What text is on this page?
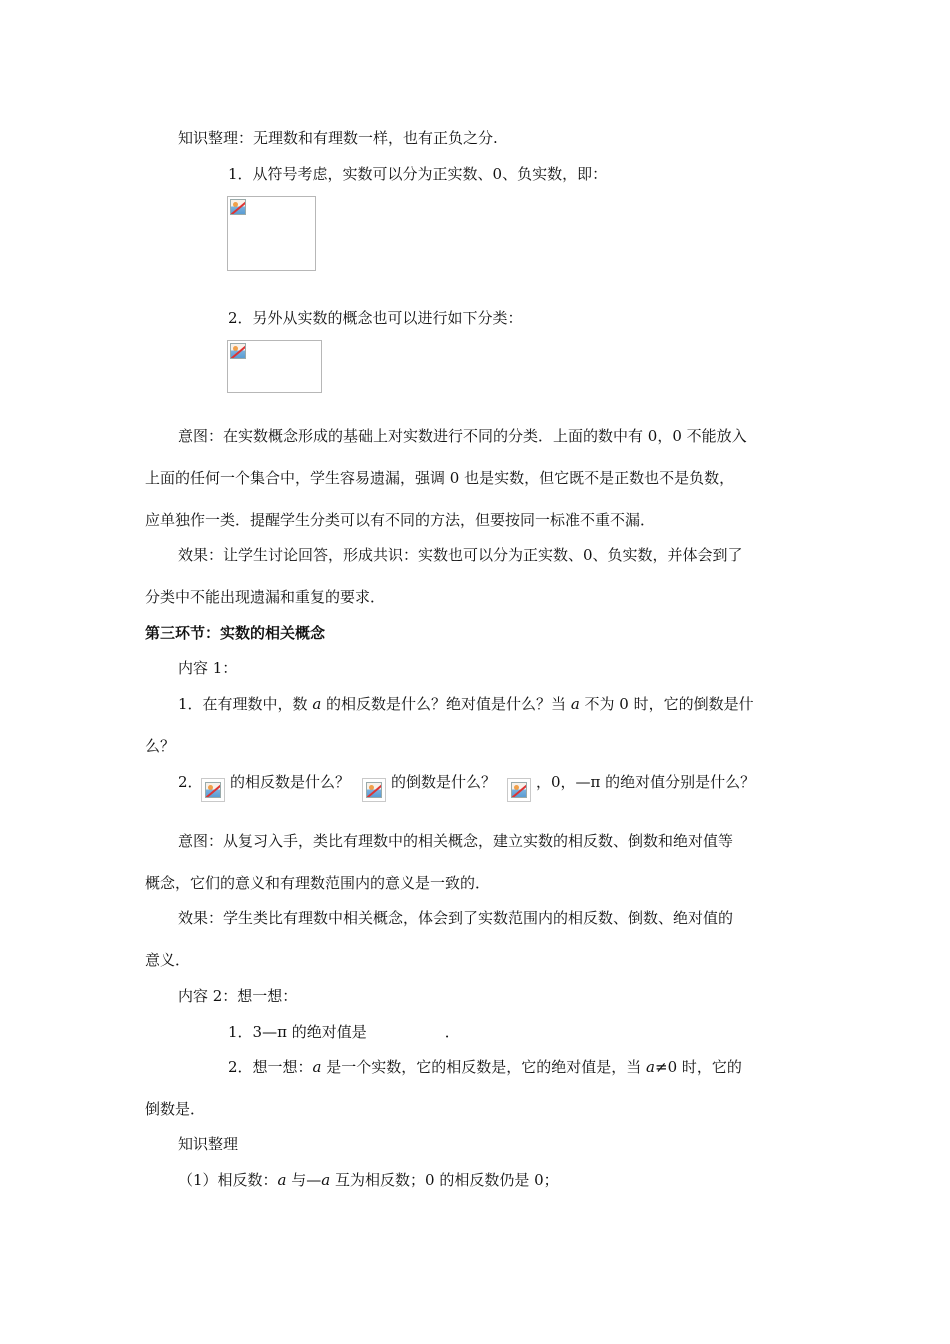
知识整理：无理数和有理数一样，也有正负之分.
1．从符号考虑，实数可以分为正实数、0、负实数，即：
2．另外从实数的概念也可以进行如下分类：
意图：在实数概念形成的基础上对实数进行不同的分类．上面的数中有 0，0 不能放入
上面的任何一个集合中，学生容易遗漏，强调 0 也是实数，但它既不是正数也不是负数，
应单独作一类．提醒学生分类可以有不同的方法，但要按同一标准不重不漏．
效果：让学生讨论回答，形成共识：实数也可以分为正实数、0、负实数，并体会到了
分类中不能出现遗漏和重复的要求．
第三环节：实数的相关概念
内容 1：
1．在有理数中，数 a 的相反数是什么？绝对值是什么？当 a 不为 0 时，它的倒数是什
么？
2． 的相反数是什么？	的倒数是什么？	，0，—π 的绝对值分别是什么？
意图：从复习入手，类比有理数中的相关概念，建立实数的相反数、倒数和绝对值等
概念，它们的意义和有理数范围内的意义是一致的．
效果：学生类比有理数中相关概念，体会到了实数范围内的相反数、倒数、绝对值的
意义．
内容 2：想一想：
1．3—π 的绝对值是	．
2．想一想：a 是一个实数，它的相反数是，它的绝对值是，当 a≠0 时，它的
倒数是．
知识整理
（1）相反数：a 与—a 互为相反数；0 的相反数仍是 0；
